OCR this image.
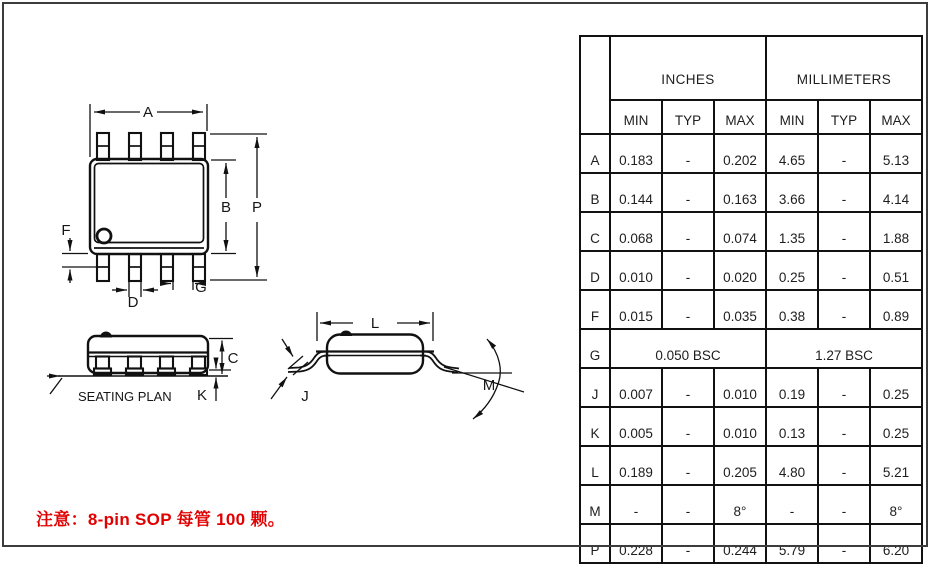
A
B P
F
D
G
SEATING PLAN
C
K
L
M
J
	INCHES			MILLIMETERS		
	MIN	TYP	MAX	MIN	TYP	MAX
A	0.183	-	0.202	4.65	-	5.13
B	0.144	-	0.163	3.66	-	4.14
C	0.068	-	0.074	1.35	-	1.88
D	0.010	-	0.020	0.25	-	0.51
F	0.015	-	0.035	0.38	-	0.89
G	0.050 BSC			1.27 BSC		
J	0.007	-	0.010	0.19	-	0.25
K	0.005	-	0.010	0.13	-	0.25
L	0.189	-	0.205	4.80	-	5.21
M	-	-	8°	-	-	8°
P	0.228	-	0.244	5.79	-	6.20
注意：8-pin SOP 每管 100 颗。
